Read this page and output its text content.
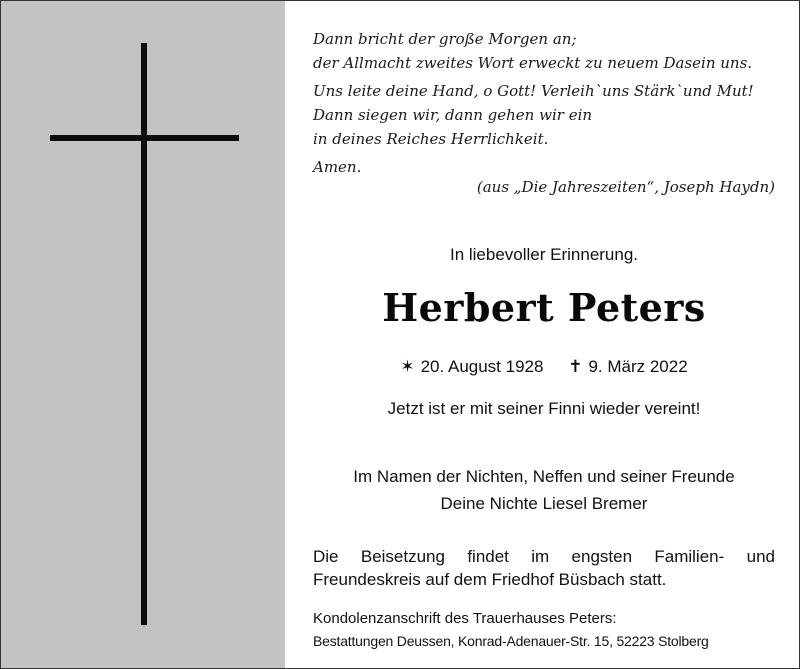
Dann bricht der große Morgen an;
der Allmacht zweites Wort erweckt zu neuem Dasein uns.
Uns leite deine Hand, o Gott! Verleih`uns Stärk`und Mut!
Dann siegen wir, dann gehen wir ein
in deines Reiches Herrlichkeit.
Amen.
(aus „Die Jahreszeiten“, Joseph Haydn)
In liebevoller Erinnerung.
Herbert Peters
✶ 20. August 1928 ✝ 9. März 2022
Jetzt ist er mit seiner Finni wieder vereint!
Im Namen der Nichten, Neffen und seiner Freunde
Deine Nichte Liesel Bremer
Die Beisetzung findet im engsten Familien- und Freundeskreis auf dem Friedhof Büsbach statt.
Kondolenzanschrift des Trauerhauses Peters:
Bestattungen Deussen, Konrad-Adenauer-Str. 15, 52223 Stolberg
